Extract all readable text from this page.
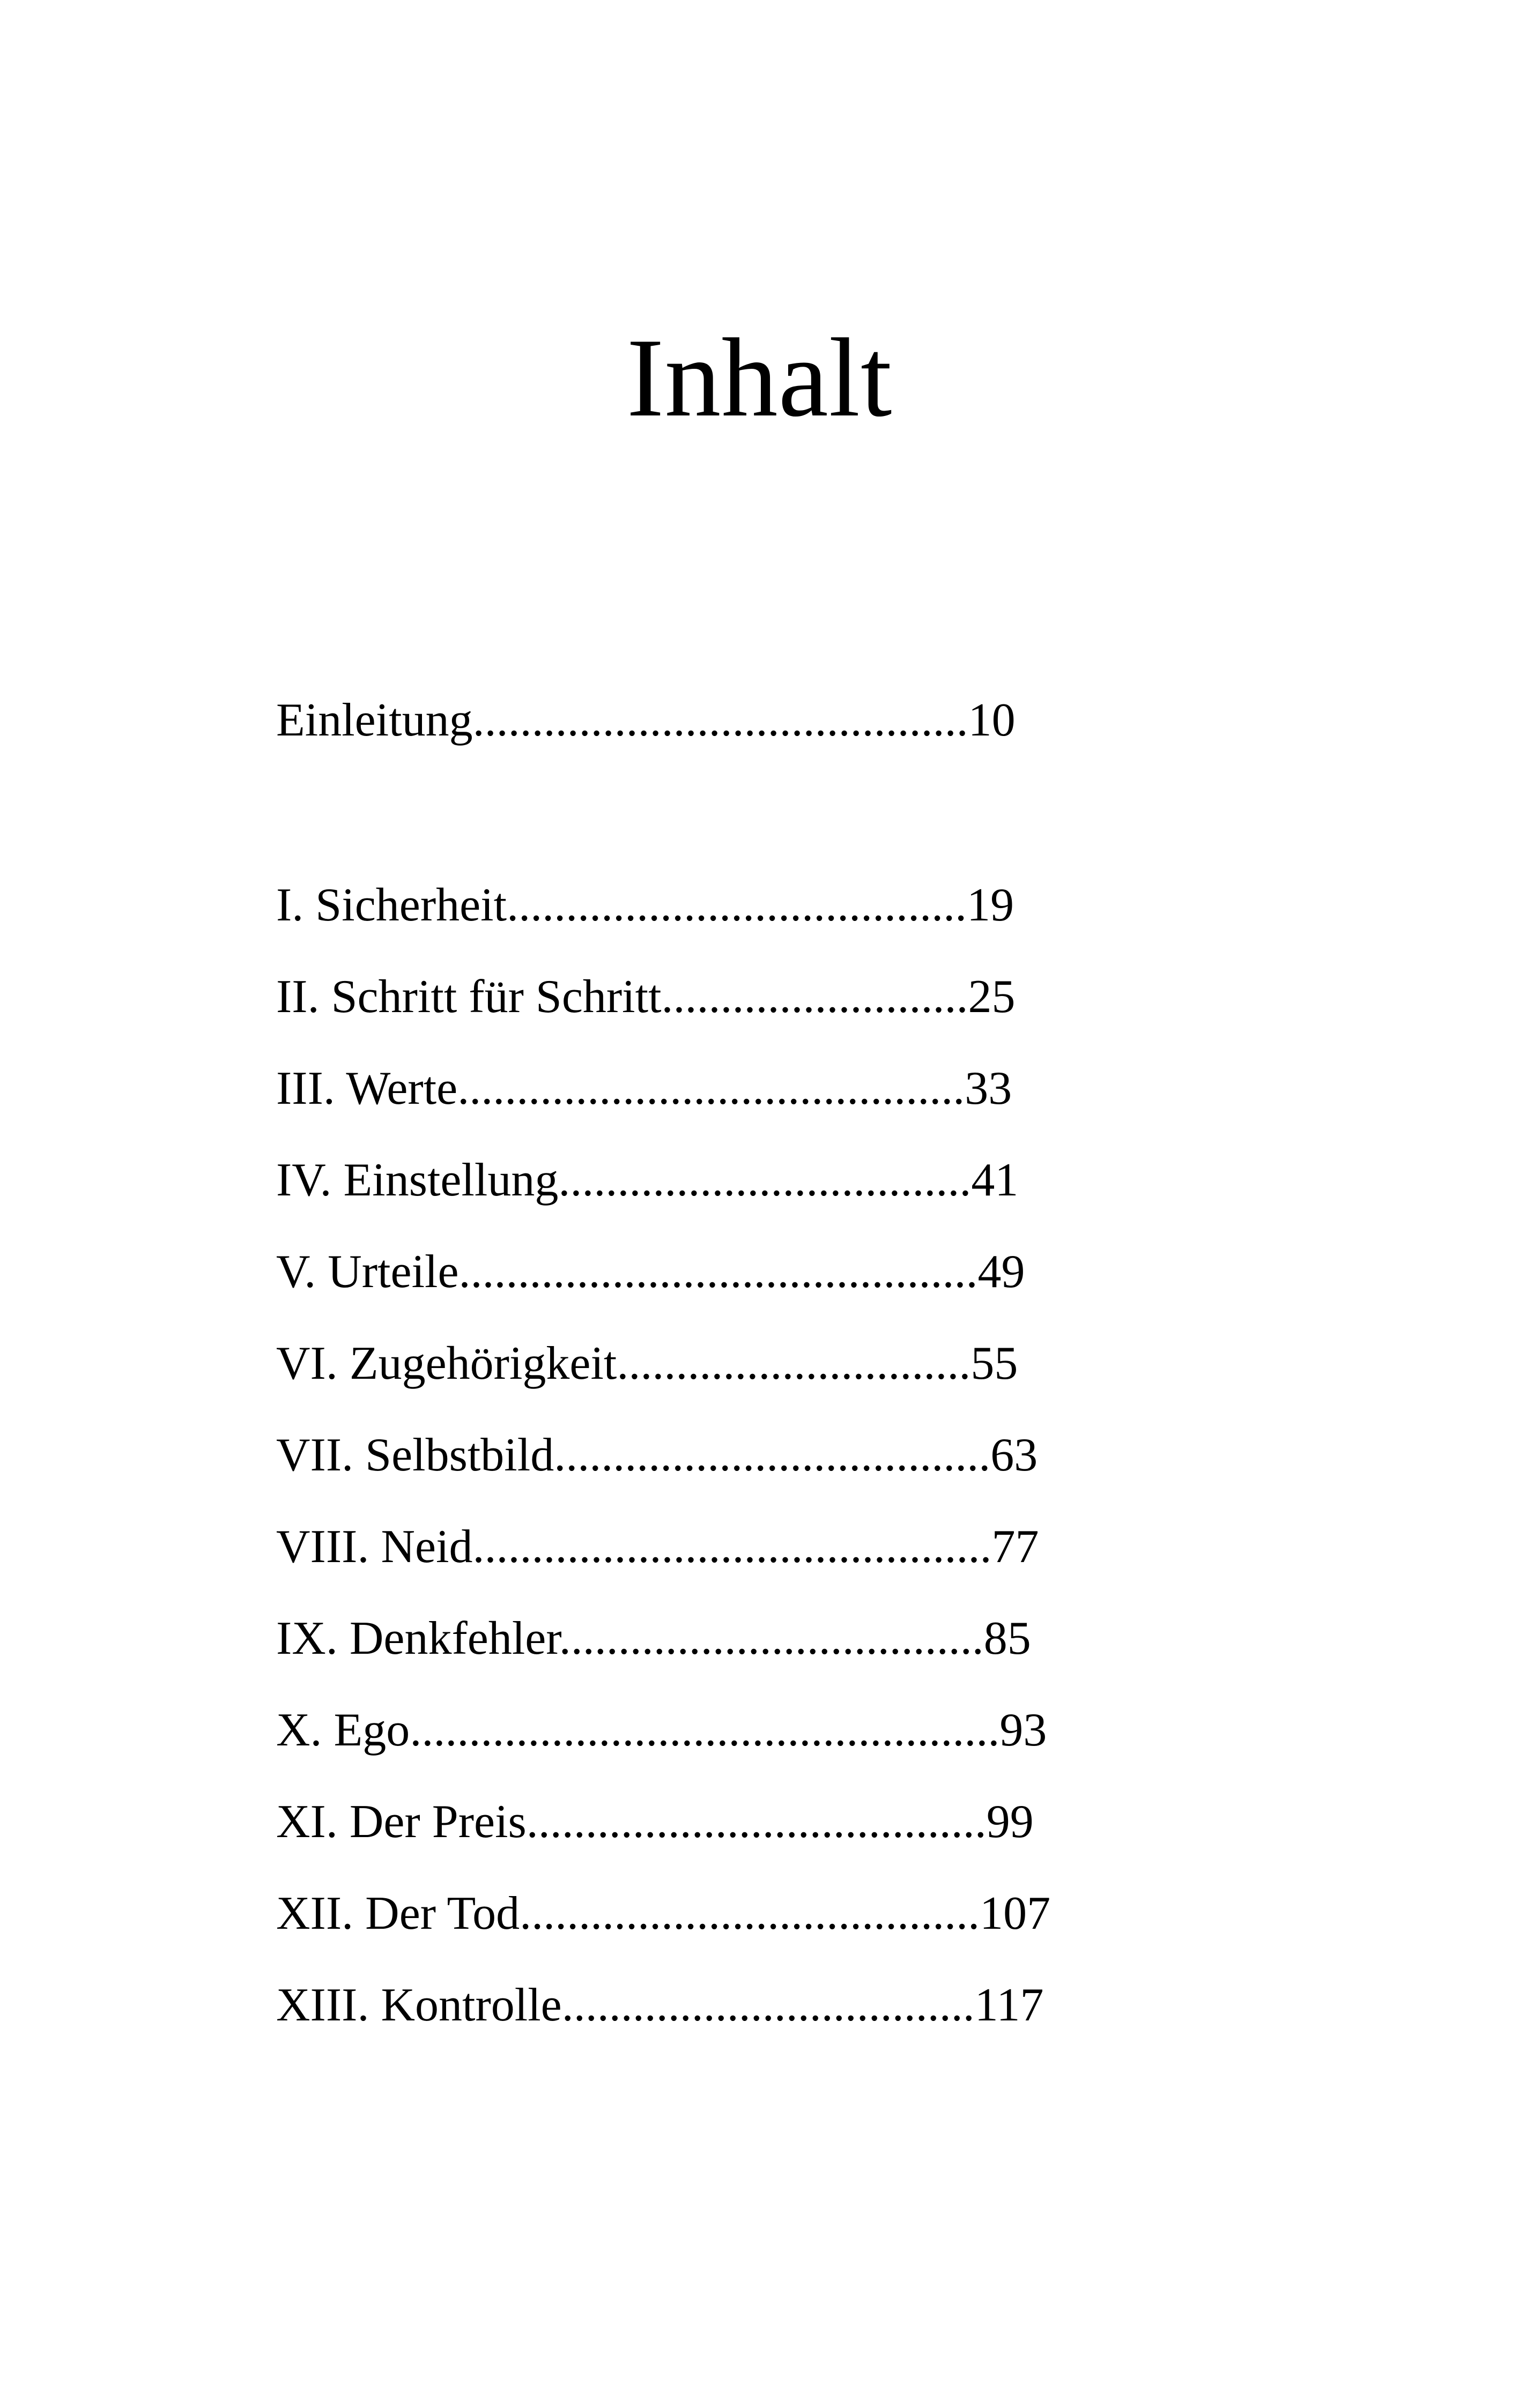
Inhalt
Einleitung..........................................10
I. Sicherheit.......................................19
II. Schritt für Schritt..........................25
III. Werte...........................................33
IV. Einstellung...................................41
V. Urteile............................................49
VI. Zugehörigkeit..............................55
VII. Selbstbild.....................................63
VIII. Neid............................................77
IX. Denkfehler....................................85
X. Ego..................................................93
XI. Der Preis.......................................99
XII. Der Tod.......................................107
XIII. Kontrolle...................................117
